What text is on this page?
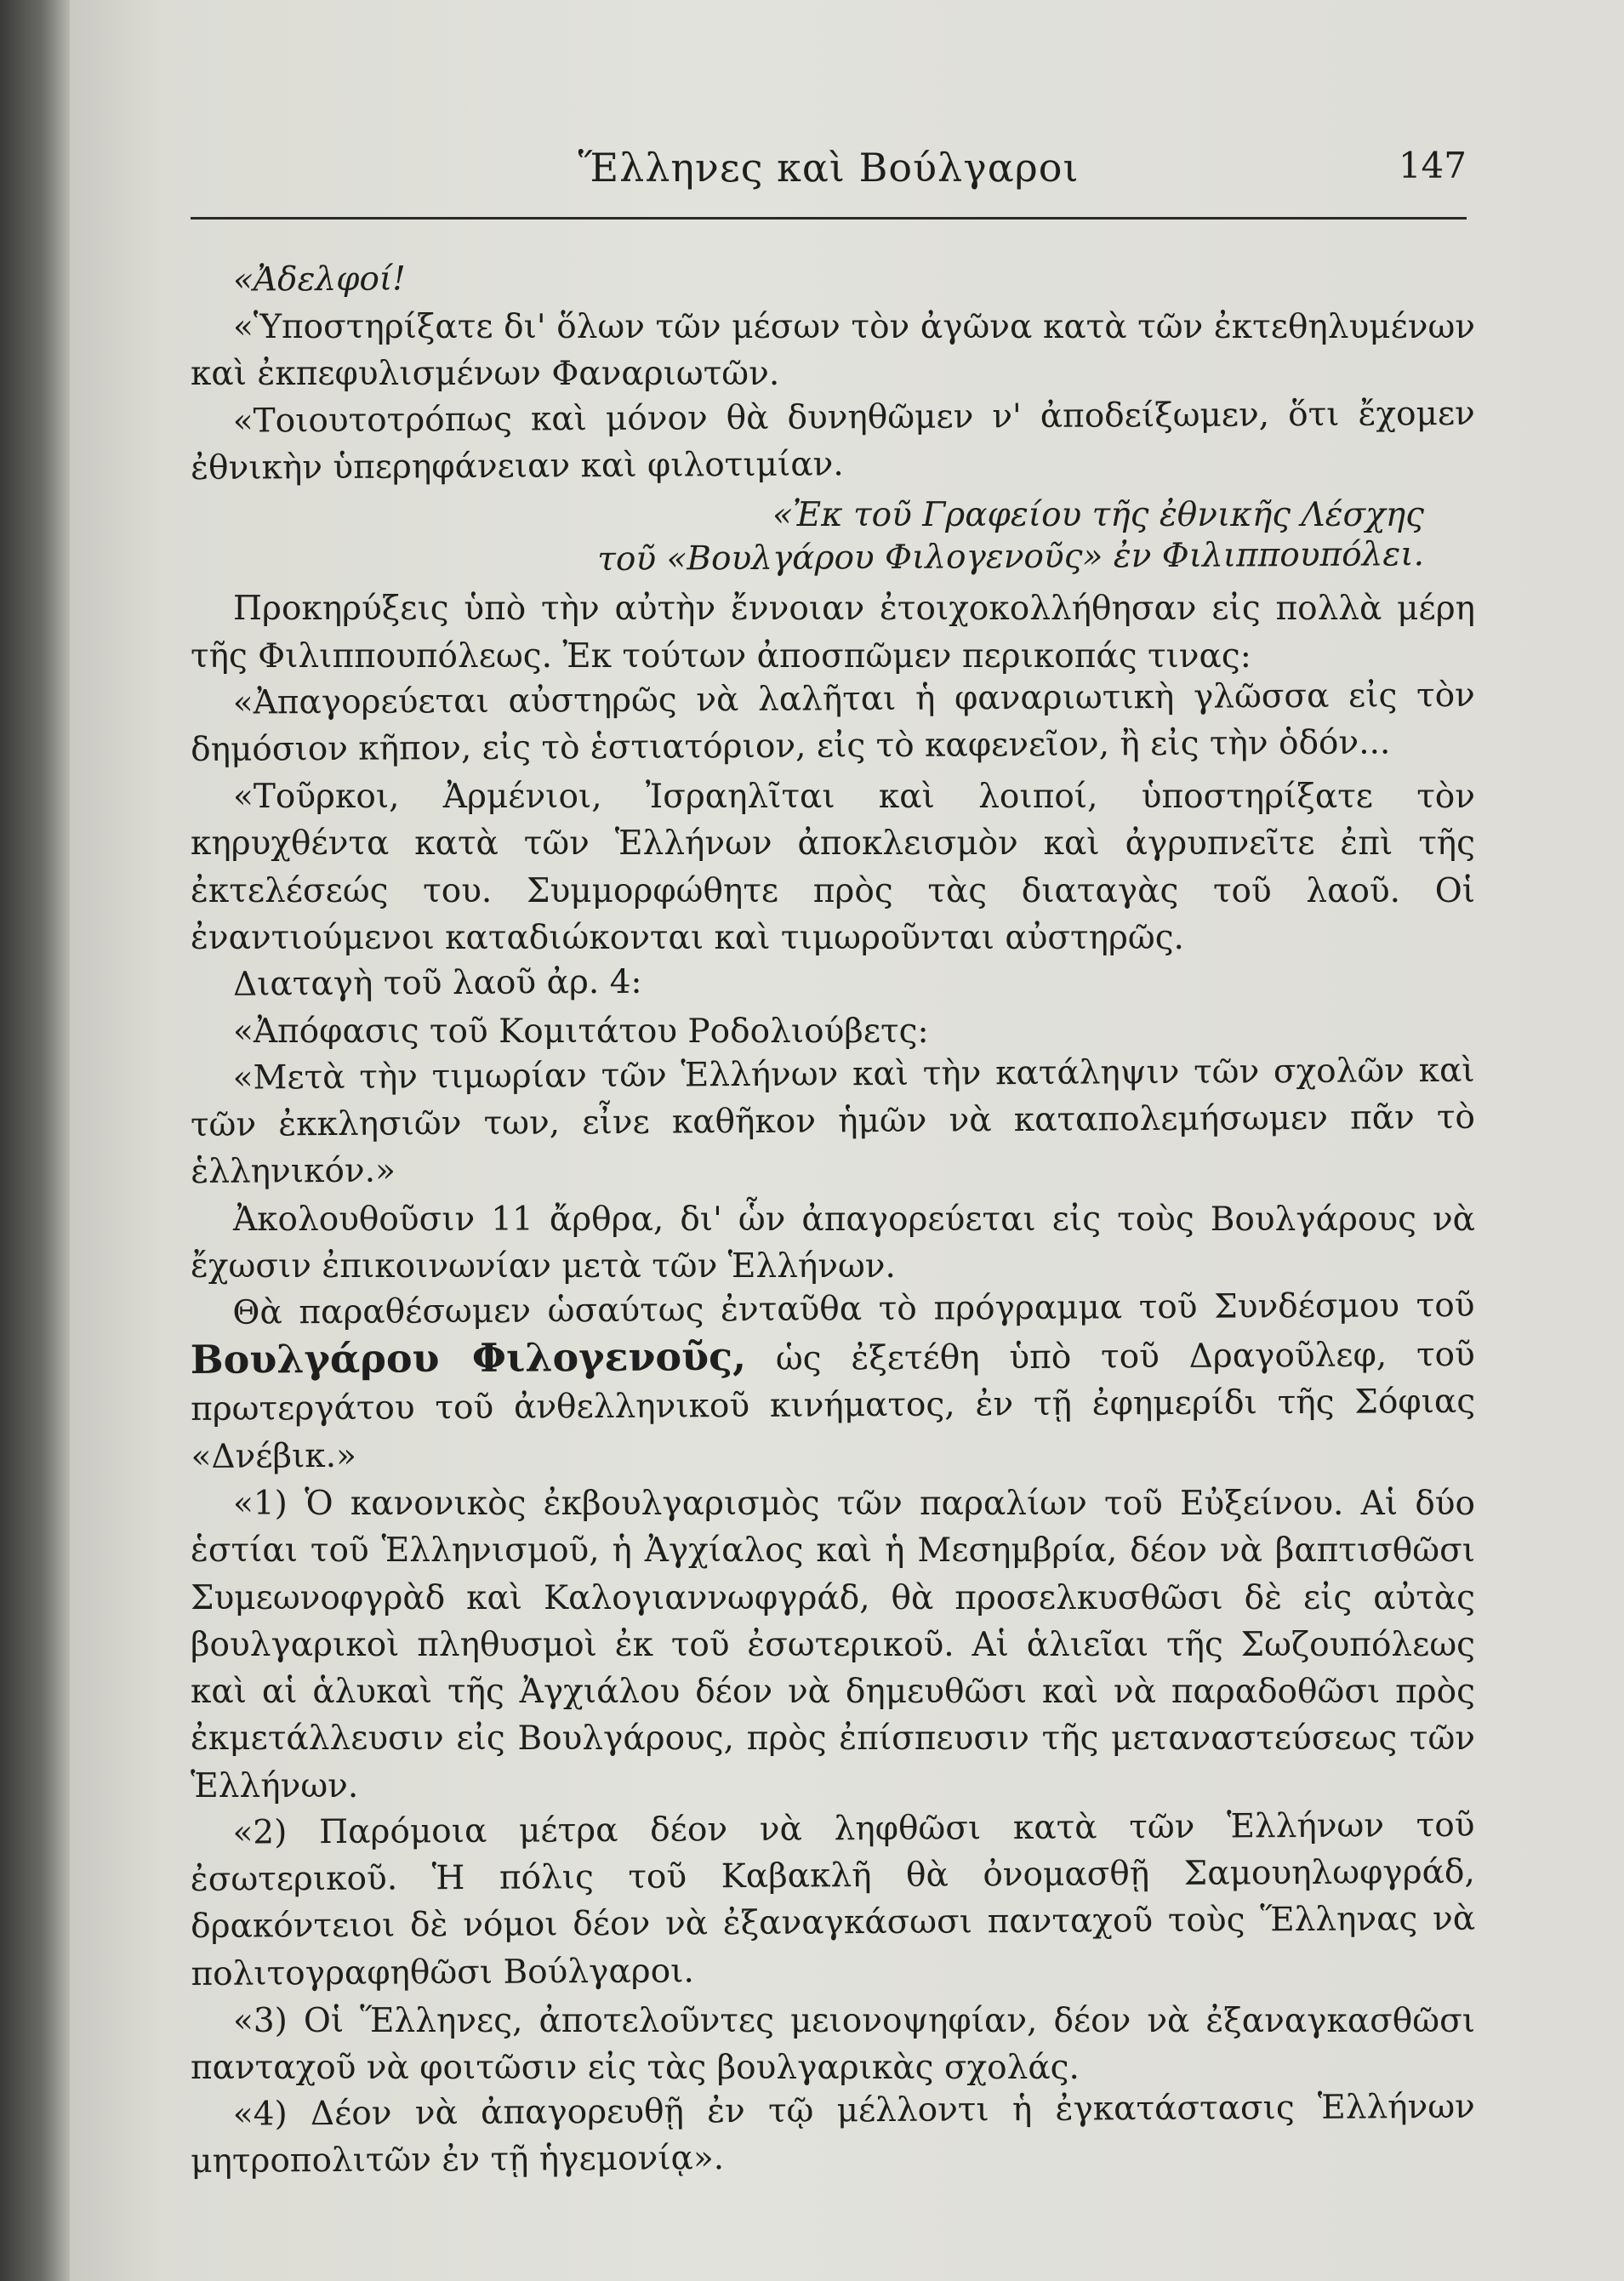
Ἕλληνες καὶ Βούλγαροι	147

«Ἀδελφοί!

«Ὑποστηρίξατε δι' ὅλων τῶν μέσων τὸν ἀγῶνα κατὰ τῶν ἐκτεθηλυμένων καὶ ἐκπεφυλισμένων Φαναριωτῶν.

«Τοιουτοτρόπως καὶ μόνον θὰ δυνηθῶμεν ν' ἀποδείξωμεν, ὅτι ἔχομεν ἐθνικὴν ὑπερηφάνειαν καὶ φιλοτιμίαν.

«Ἐκ τοῦ Γραφείου τῆς ἐθνικῆς Λέσχης

τοῦ «Βουλγάρου Φιλογενοῦς» ἐν Φιλιππουπόλει.

Προκηρύξεις ὑπὸ τὴν αὐτὴν ἔννοιαν ἐτοιχοκολλήθησαν εἰς πολλὰ μέρη τῆς Φιλιππουπόλεως. Ἐκ τούτων ἀποσπῶμεν περικοπάς τινας:

«Ἀπαγορεύεται αὐστηρῶς νὰ λαλῆται ἡ φαναριωτικὴ γλῶσσα εἰς τὸν δημόσιον κῆπον, εἰς τὸ ἑστιατόριον, εἰς τὸ καφενεῖον, ἢ εἰς τὴν ὁδόν...

«Τοῦρκοι, Ἀρμένιοι, Ἰσραηλῖται καὶ λοιποί, ὑποστηρίξατε τὸν κηρυχθέντα κατὰ τῶν Ἑλλήνων ἀποκλεισμὸν καὶ ἀγρυπνεῖτε ἐπὶ τῆς ἐκτελέσεώς του. Συμμορφώθητε πρὸς τὰς διαταγὰς τοῦ λαοῦ. Οἱ ἐναντιούμενοι καταδιώκονται καὶ τιμωροῦνται αὐστηρῶς.

Διαταγὴ τοῦ λαοῦ ἀρ. 4:

«Ἀπόφασις τοῦ Κομιτάτου Ροδολιούβετς:

«Μετὰ τὴν τιμωρίαν τῶν Ἑλλήνων καὶ τὴν κατάληψιν τῶν σχολῶν καὶ τῶν ἐκκλησιῶν των, εἶνε καθῆκον ἡμῶν νὰ καταπολεμήσωμεν πᾶν τὸ ἑλληνικόν.»

Ἀκολουθοῦσιν 11 ἄρθρα, δι' ὧν ἀπαγορεύεται εἰς τοὺς Βουλγάρους νὰ ἔχωσιν ἐπικοινωνίαν μετὰ τῶν Ἑλλήνων.

Θὰ παραθέσωμεν ὡσαύτως ἐνταῦθα τὸ πρόγραμμα τοῦ Συνδέσμου τοῦ Βουλγάρου Φιλογενοῦς, ὡς ἐξετέθη ὑπὸ τοῦ Δραγοῦλεφ, τοῦ πρωτεργάτου τοῦ ἀνθελληνικοῦ κινήματος, ἐν τῇ ἐφημερίδι τῆς Σόφιας «Δνέβικ.»

«1) Ὁ κανονικὸς ἐκβουλγαρισμὸς τῶν παραλίων τοῦ Εὐξείνου. Αἱ δύο ἑστίαι τοῦ Ἑλληνισμοῦ, ἡ Ἀγχίαλος καὶ ἡ Μεσημβρία, δέον νὰ βαπτισθῶσι Συμεωνοφγρὰδ καὶ Καλογιαννωφγράδ, θὰ προσελκυσθῶσι δὲ εἰς αὐτὰς βουλγαρικοὶ πληθυσμοὶ ἐκ τοῦ ἐσωτερικοῦ. Αἱ ἁλιεῖαι τῆς Σωζουπόλεως καὶ αἱ ἁλυκαὶ τῆς Ἀγχιάλου δέον νὰ δημευθῶσι καὶ νὰ παραδοθῶσι πρὸς ἐκμετάλλευσιν εἰς Βουλγάρους, πρὸς ἐπίσπευσιν τῆς μεταναστεύσεως τῶν Ἑλλήνων.

«2) Παρόμοια μέτρα δέον νὰ ληφθῶσι κατὰ τῶν Ἑλλήνων τοῦ ἐσωτερικοῦ. Ἡ πόλις τοῦ Καβακλῆ θὰ ὀνομασθῇ Σαμουηλωφγράδ, δρακόντειοι δὲ νόμοι δέον νὰ ἐξαναγκάσωσι πανταχοῦ τοὺς Ἕλληνας νὰ πολιτογραφηθῶσι Βούλγαροι.

«3) Οἱ Ἕλληνες, ἀποτελοῦντες μειονοψηφίαν, δέον νὰ ἐξαναγκασθῶσι πανταχοῦ νὰ φοιτῶσιν εἰς τὰς βουλγαρικὰς σχολάς.

«4) Δέον νὰ ἀπαγορευθῇ ἐν τῷ μέλλοντι ἡ ἐγκατάστασις Ἑλλήνων μητροπολιτῶν ἐν τῇ ἡγεμονίᾳ».
